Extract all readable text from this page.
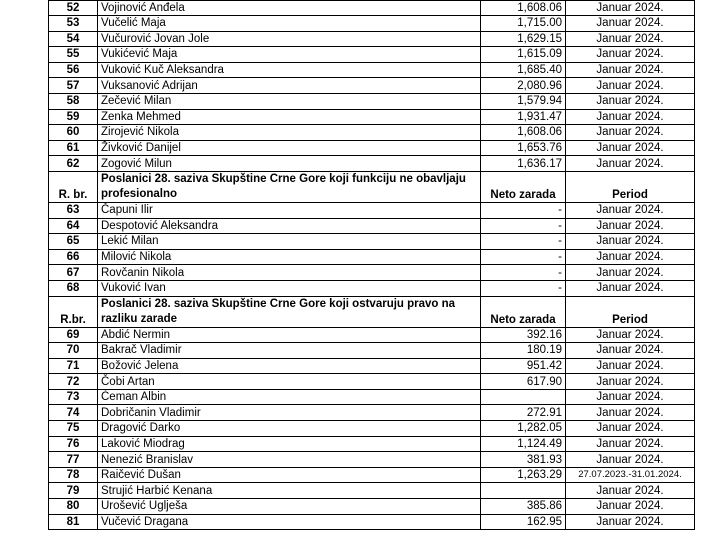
52	Vojinović Anđela	1,608.06	Januar 2024.
53	Vučelić Maja	1,715.00	Januar 2024.
54	Vučurović Jovan Jole	1,629.15	Januar 2024.
55	Vukićević Maja	1,615.09	Januar 2024.
56	Vuković Kuč Aleksandra	1,685.40	Januar 2024.
57	Vuksanović Adrijan	2,080.96	Januar 2024.
58	Zečević Milan	1,579.94	Januar 2024.
59	Zenka Mehmed	1,931.47	Januar 2024.
60	Zirojević Nikola	1,608.06	Januar 2024.
61	Živković Danijel	1,653.76	Januar 2024.
62	Zogović Milun	1,636.17	Januar 2024.
R. br.	Poslanici 28. saziva Skupštine Crne Gore koji funkciju ne obavljaju profesionalno	Neto zarada	Period
63	Čapuni Ilir	-	Januar 2024.
64	Despotović Aleksandra	-	Januar 2024.
65	Lekić Milan	-	Januar 2024.
66	Milović Nikola	-	Januar 2024.
67	Rovčanin Nikola	-	Januar 2024.
68	Vuković Ivan	-	Januar 2024.
R.br.	Poslanici 28. saziva Skupštine Crne Gore koji ostvaruju pravo na razliku zarade	Neto zarada	Period
69	Abdić Nermin	392.16	Januar 2024.
70	Bakrač Vladimir	180.19	Januar 2024.
71	Božović Jelena	951.42	Januar 2024.
72	Čobi Artan	617.90	Januar 2024.
73	Ćeman Albin		Januar 2024.
74	Dobričanin Vladimir	272.91	Januar 2024.
75	Dragović Darko	1,282.05	Januar 2024.
76	Laković Miodrag	1,124.49	Januar 2024.
77	Nenezić Branislav	381.93	Januar 2024.
78	Raičević Dušan	1,263.29	27.07.2023.-31.01.2024.
79	Strujić Harbić Kenana		Januar 2024.
80	Urošević Uglješa	385.86	Januar 2024.
81	Vučević Dragana	162.95	Januar 2024.
